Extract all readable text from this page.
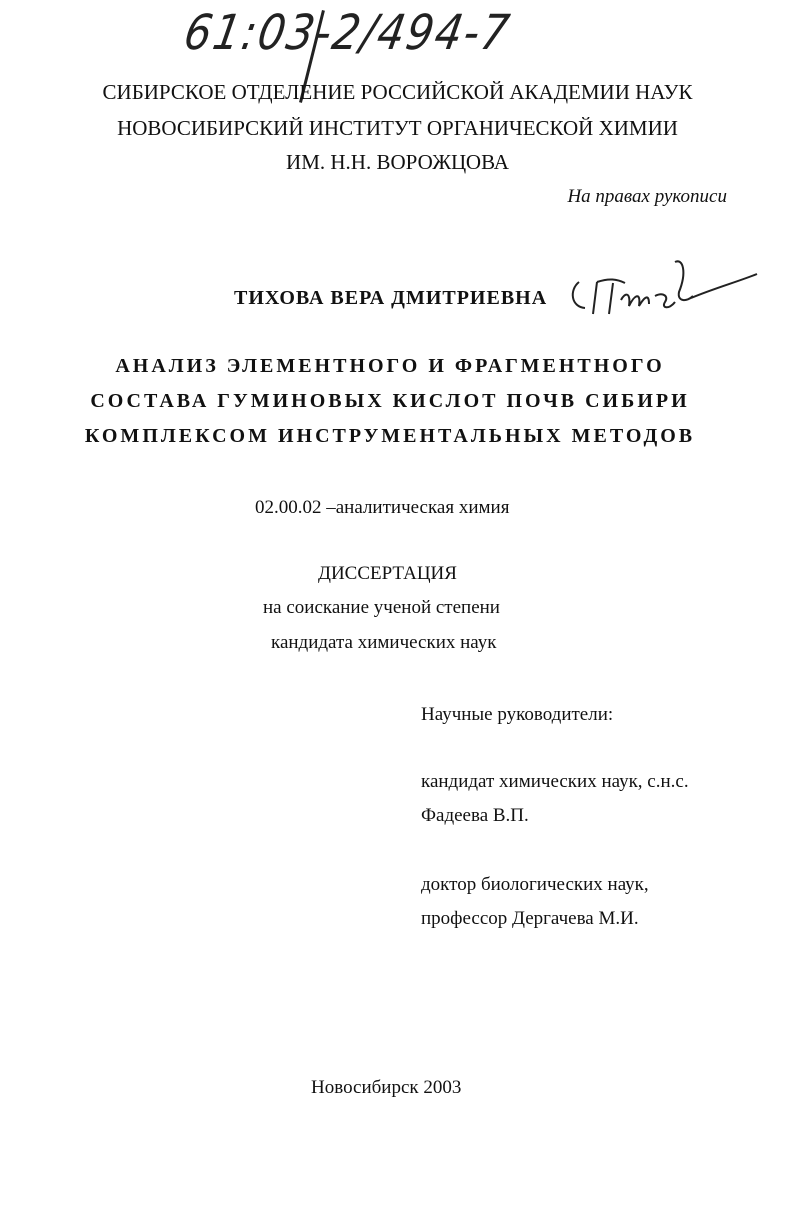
61:03-2/494-7
СИБИРСКОЕ ОТДЕЛЕНИЕ РОССИЙСКОЙ АКАДЕМИИ НАУК
НОВОСИБИРСКИЙ ИНСТИТУТ ОРГАНИЧЕСКОЙ ХИМИИ
ИМ. Н.Н. ВОРОЖЦОВА
На правах рукописи
ТИХОВА ВЕРА ДМИТРИЕВНА
АНАЛИЗ ЭЛЕМЕНТНОГО И ФРАГМЕНТНОГО
СОСТАВА ГУМИНОВЫХ КИСЛОТ ПОЧВ СИБИРИ
КОМПЛЕКСОМ ИНСТРУМЕНТАЛЬНЫХ МЕТОДОВ
02.00.02 –аналитическая химия
ДИССЕРТАЦИЯ
на соискание ученой степени
кандидата химических наук
Научные руководители:
кандидат химических наук, с.н.с.
Фадеева В.П.
доктор биологических наук,
профессор Дергачева М.И.
Новосибирск 2003
